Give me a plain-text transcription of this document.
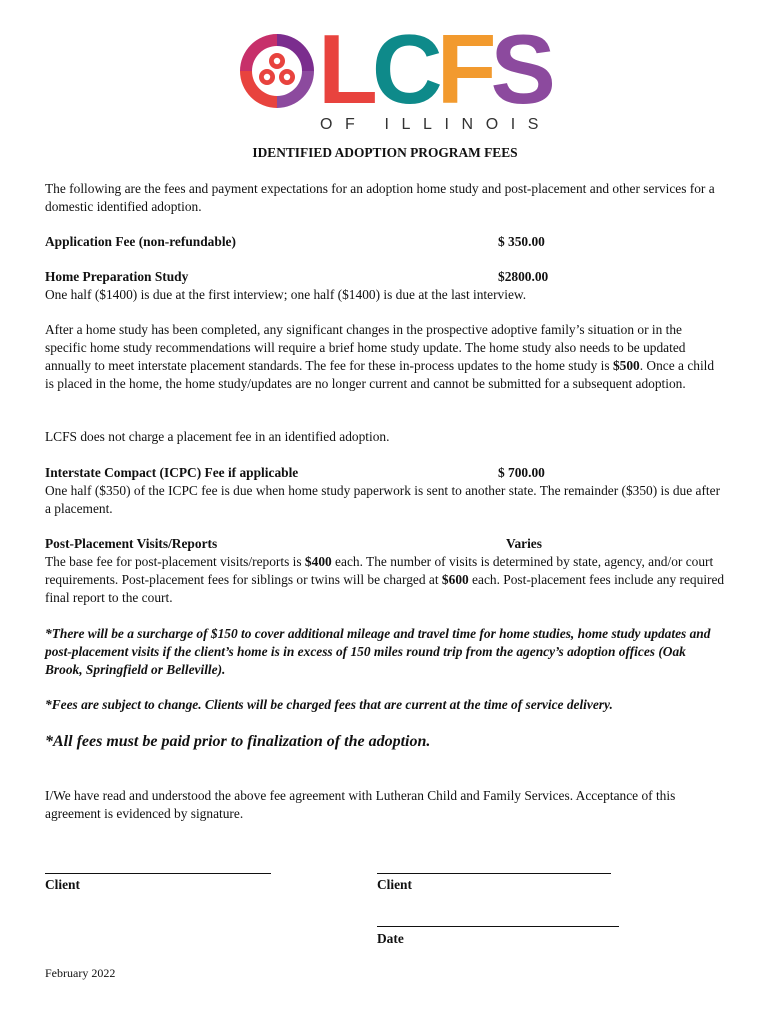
LCFS
OF ILLINOIS
IDENTIFIED ADOPTION PROGRAM FEES

The following are the fees and payment expectations for an adoption home study and post-placement and other services for a domestic identified adoption.

Application Fee (non-refundable)	$ 350.00
Home Preparation Study	$2800.00

One half ($1400) is due at the first interview; one half ($1400) is due at the last interview.

After a home study has been completed, any significant changes in the prospective adoptive family’s situation or in the specific home study recommendations will require a brief home study update. The home study also needs to be updated annually to meet interstate placement standards. The fee for these in-process updates to the home study is $500. Once a child is placed in the home, the home study/updates are no longer current and cannot be submitted for a subsequent adoption.

LCFS does not charge a placement fee in an identified adoption.

Interstate Compact (ICPC) Fee if applicable	$ 700.00

One half ($350) of the ICPC fee is due when home study paperwork is sent to another state. The remainder ($350) is due after a placement.

Post-Placement Visits/Reports	Varies

The base fee for post-placement visits/reports is $400 each. The number of visits is determined by state, agency, and/or court requirements. Post-placement fees for siblings or twins will be charged at $600 each. Post-placement fees include any required final report to the court.

*There will be a surcharge of $150 to cover additional mileage and travel time for home studies, home study updates and post-placement visits if the client’s home is in excess of 150 miles round trip from the agency’s adoption offices (Oak Brook, Springfield or Belleville).

*Fees are subject to change. Clients will be charged fees that are current at the time of service delivery.

*All fees must be paid prior to finalization of the adoption.

I/We have read and understood the above fee agreement with Lutheran Child and Family Services. Acceptance of this agreement is evidenced by signature.

Client	Client
Date
February 2022
